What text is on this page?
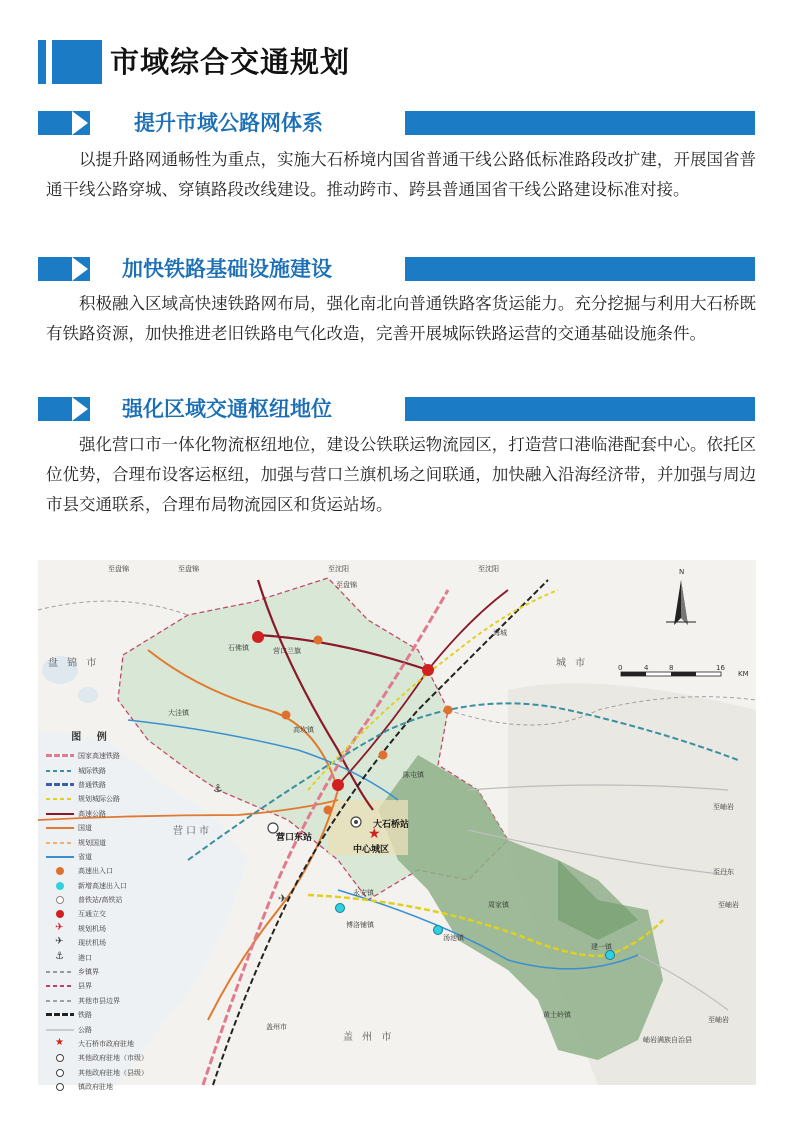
市域综合交通规划
提升市域公路网体系
以提升路网通畅性为重点，实施大石桥境内国省普通干线公路低标准路段改扩建，开展国省普通干线公路穿城、穿镇路段改线建设。推动跨市、跨县普通国省干线公路建设标准对接。
加快铁路基础设施建设
积极融入区域高快速铁路网布局，强化南北向普通铁路客货运能力。充分挖掘与利用大石桥既有铁路资源，加快推进老旧铁路电气化改造，完善开展城际铁路运营的交通基础设施条件。
强化区域交通枢纽地位
强化营口市一体化物流枢纽地位，建设公铁联运物流园区，打造营口港临港配套中心。依托区位优势，合理布设客运枢纽，加强与营口兰旗机场之间联通，加快融入沿海经济带，并加强与周边市县交通联系，合理布局物流园区和货运站场。
★
✈
⚓
至盘锦	至盘锦	至沈阳
至盘锦
至沈阳
盘 锦 市	城 市
营口市
盖 州 市
至岫岩
至丹东
至岫岩
至岫岩
岫岩满族自治县
大石桥站
营口东站
中心城区
海城
高坎镇
石佛镇	营口兰旗
陈屯镇
永安镇
博洛铺镇
汤池镇
周家镇
建一镇
黄土岭镇
盖州市
大洼镇
0	4	8	16
KM
N
图 例
国家高速铁路
城际铁路
普通铁路
规划城际公路
高速公路
国道
规划国道
省道
高速出入口
新增高速出入口
普铁站/高铁站
互通立交
✈ 规划机场
✈ 现状机场
⚓ 港口
乡镇界
县界
其他市县边界
铁路
公路
★ 大石桥市政府驻地
其他政府驻地（市级）
其他政府驻地（县级）
镇政府驻地
